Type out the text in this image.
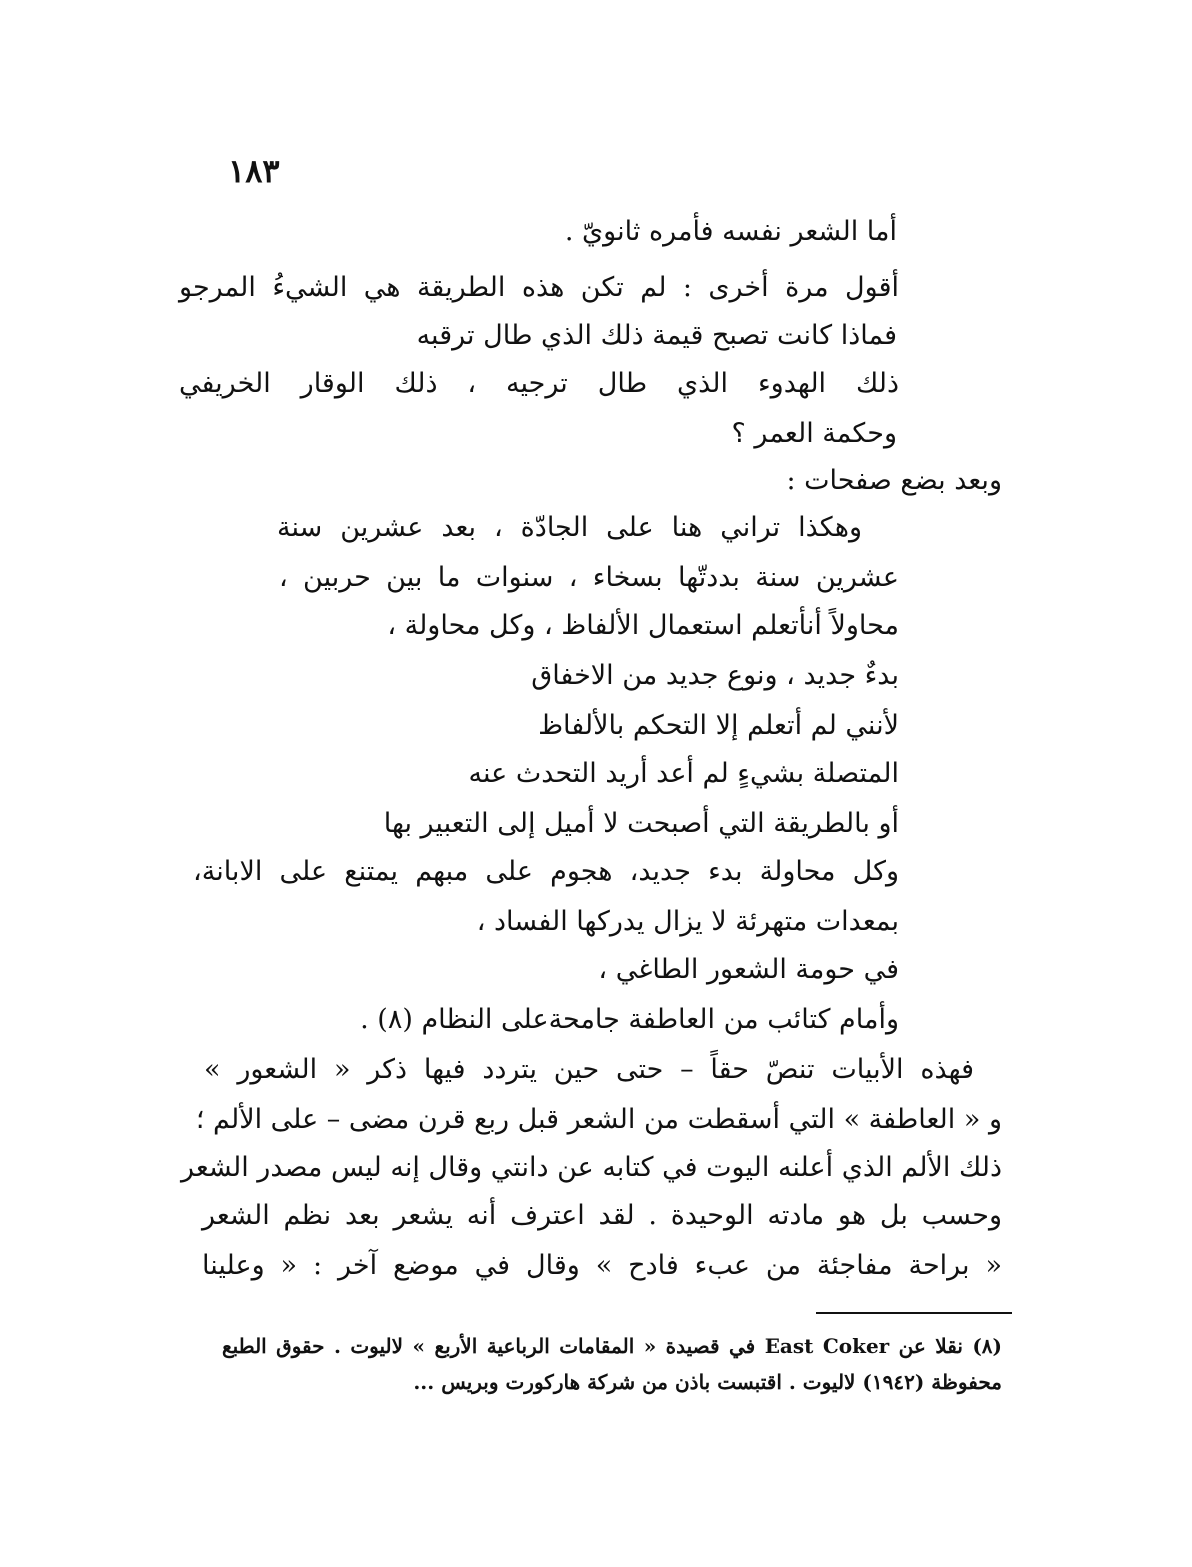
١٨٣
أما الشعر نفسه فأمره ثانويّ .
أقول مرة أخرى : لم تكن هذه الطريقة هي الشيءُ المرجو
فماذا كانت تصبح قيمة ذلك الذي طال ترقبه
ذلك الهدوء الذي طال ترجيه ، ذلك الوقار الخريفي
وحكمة العمر ؟
وبعد بضع صفحات :
وهكذا تراني هنا على الجادّة ، بعد عشرين سنة
عشرين سنة بددتّها بسخاء ، سنوات ما بين حربين ،
محاولاً أنأتعلم استعمال الألفاظ ، وكل محاولة ،
بدءٌ جديد ، ونوع جديد من الاخفاق
لأنني لم أتعلم إلا التحكم بالألفاظ
المتصلة بشيءٍ لم أعد أريد التحدث عنه
أو بالطريقة التي أصبحت لا أميل إلى التعبير بها
وكل محاولة بدء جديد، هجوم على مبهم يمتنع على الابانة،
بمعدات متهرئة لا يزال يدركها الفساد ،
في حومة الشعور الطاغي ،
وأمام كتائب من العاطفة جامحةعلى النظام (٨) .
فهذه الأبيات تنصّ حقاً – حتى حين يتردد فيها ذكر « الشعور »
و « العاطفة » التي أسقطت من الشعر قبل ربع قرن مضى – على الألم ؛
ذلك الألم الذي أعلنه اليوت في كتابه عن دانتي وقال إنه ليس مصدر الشعر
وحسب بل هو مادته الوحيدة . لقد اعترف أنه يشعر بعد نظم الشعر
« براحة مفاجئة من عبء فادح » وقال في موضع آخر : « وعلينا
(٨) نقلا عن East Coker في قصيدة « المقامات الرباعية الأربع » لاليوت . حقوق الطبع
محفوظة (١٩٤٢) لاليوت . اقتبست باذن من شركة هاركورت وبريس ...
